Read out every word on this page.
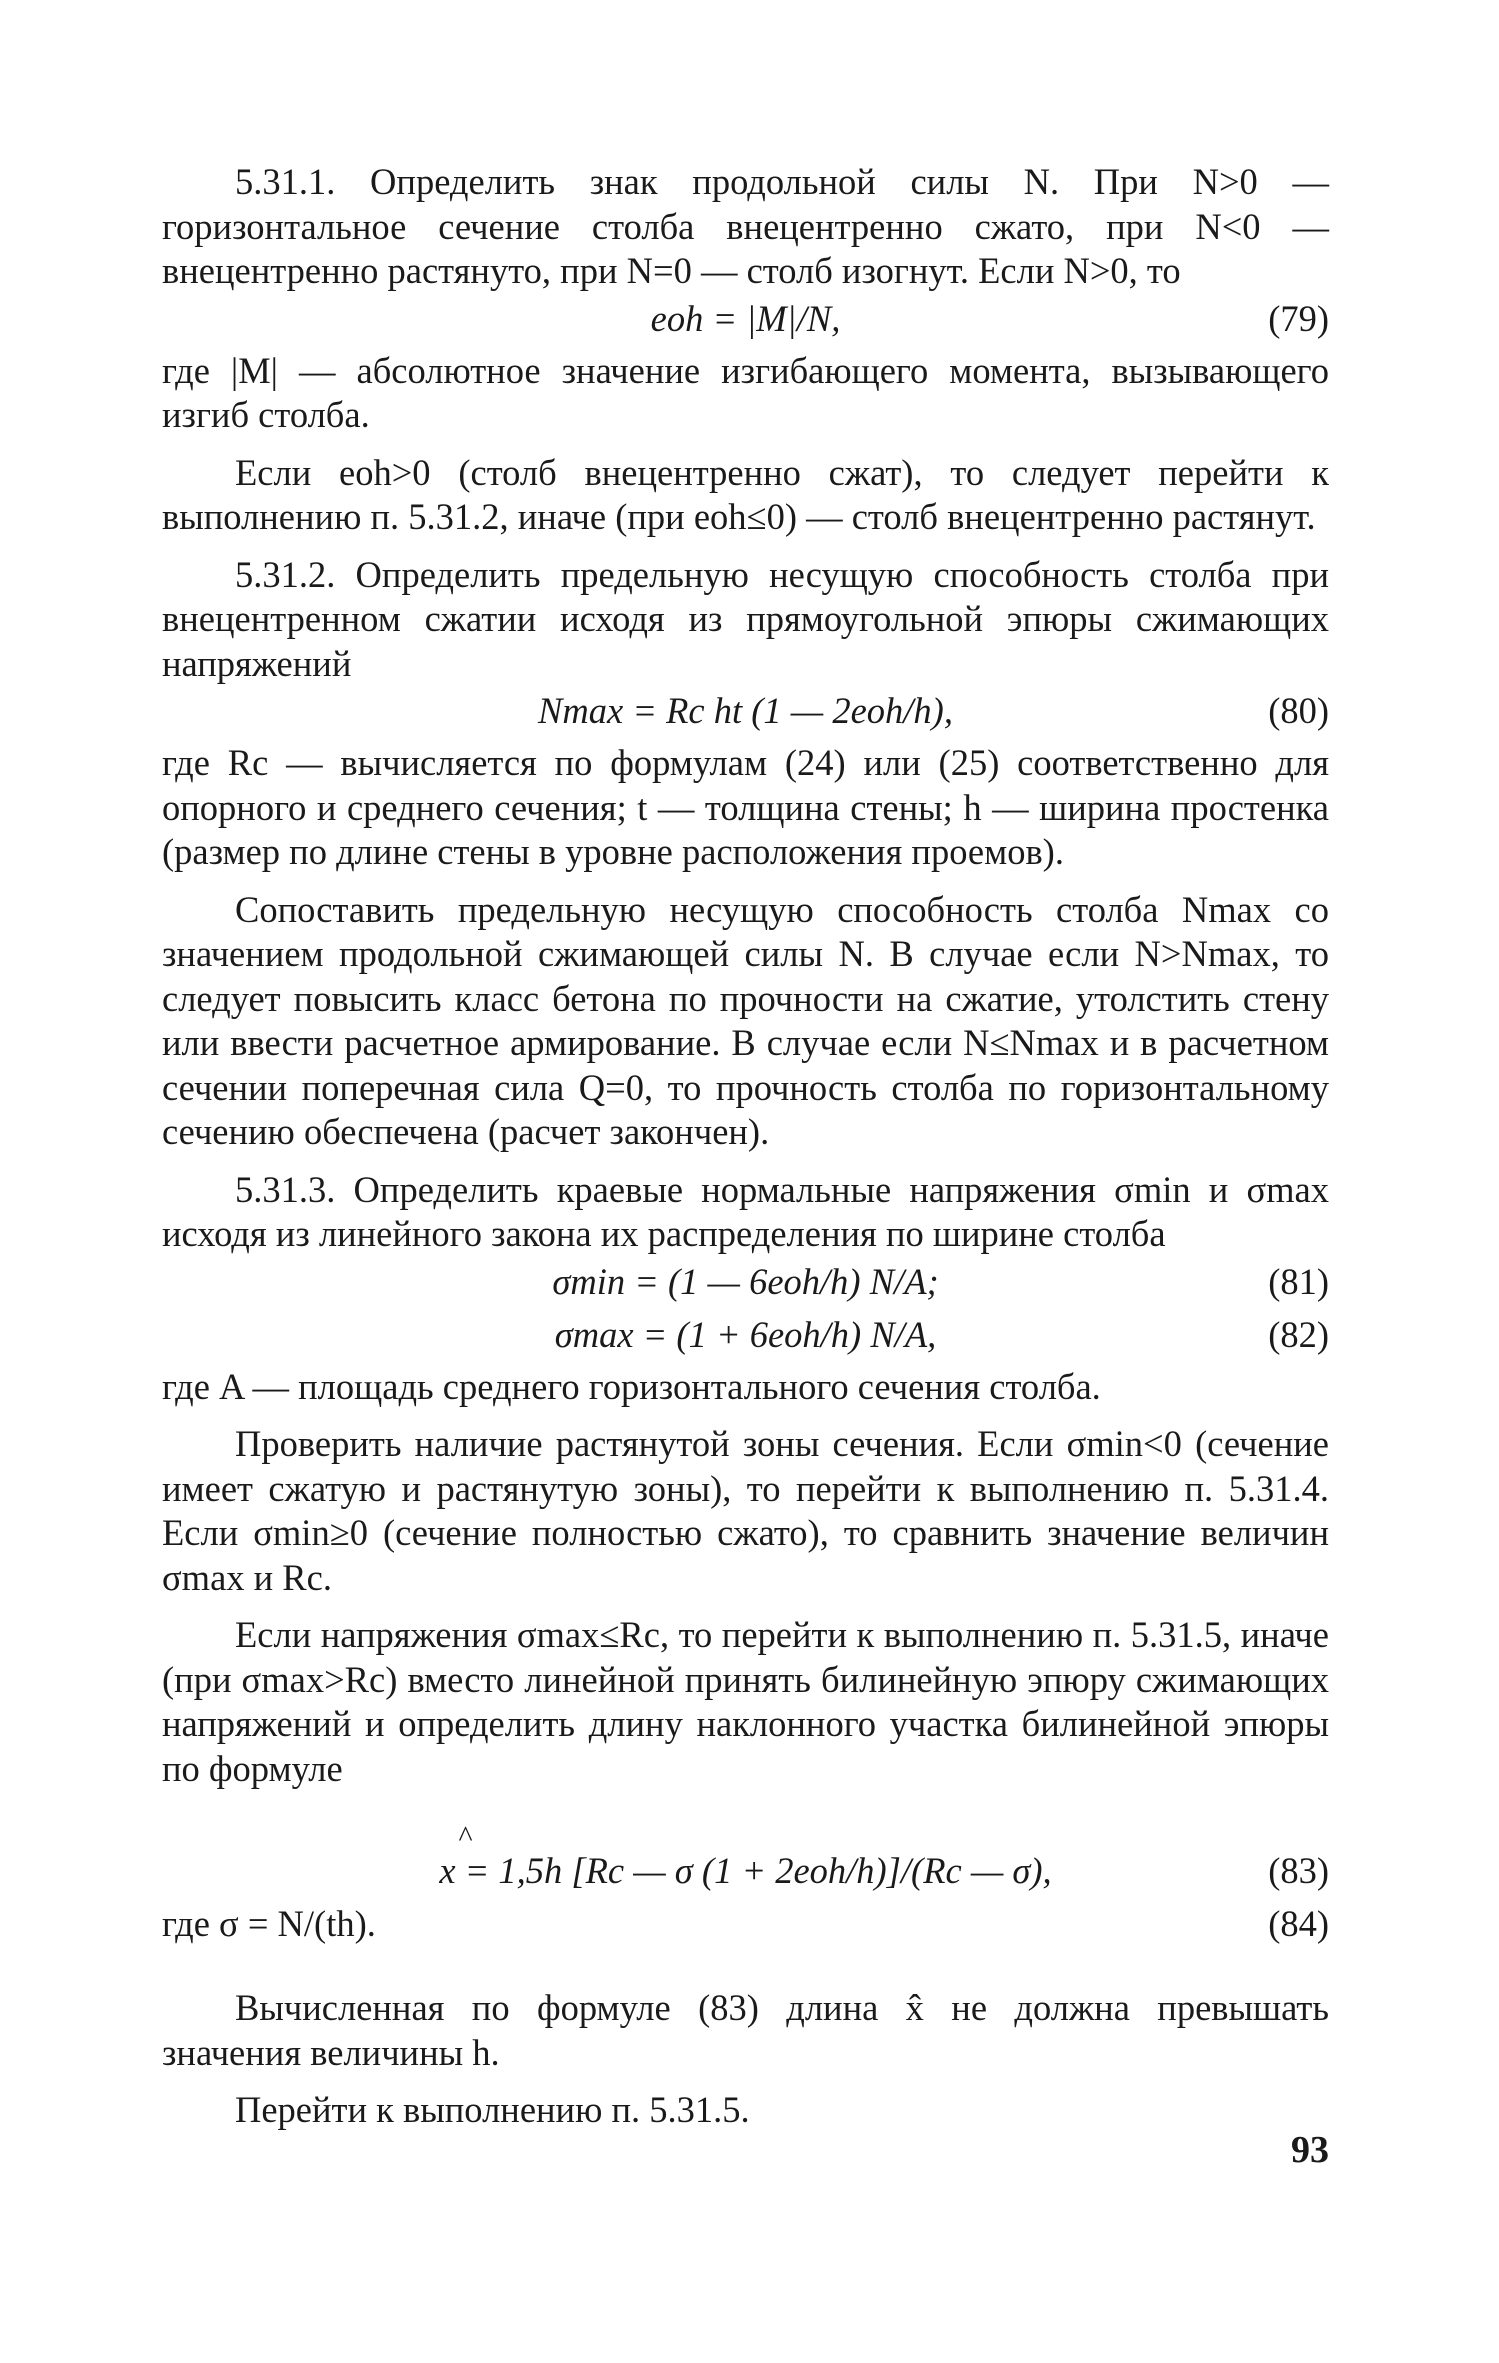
5.31.1. Определить знак продольной силы N. При N>0 — горизонтальное сечение столба внецентренно сжато, при N<0 — внецентренно растянуто, при N=0 — столб изогнут. Если N>0, то

eoh = |M|/N,	(79)

где |M| — абсолютное значение изгибающего момента, вызывающего изгиб столба.

Если eoh>0 (столб внецентренно сжат), то следует перейти к выполнению п. 5.31.2, иначе (при eoh≤0) — столб внецентренно растянут.

5.31.2. Определить предельную несущую способность столба при внецентренном сжатии исходя из прямоугольной эпюры сжимающих напряжений

Nmax = Rc ht (1 — 2eoh/h),	(80)

где Rc — вычисляется по формулам (24) или (25) соответственно для опорного и среднего сечения; t — толщина стены; h — ширина простенка (размер по длине стены в уровне расположения проемов).

Сопоставить предельную несущую способность столба Nmax со значением продольной сжимающей силы N. В случае если N>Nmax, то следует повысить класс бетона по прочности на сжатие, утолстить стену или ввести расчетное армирование. В случае если N≤Nmax и в расчетном сечении поперечная сила Q=0, то прочность столба по горизонтальному сечению обеспечена (расчет закончен).

5.31.3. Определить краевые нормальные напряжения σmin и σmax исходя из линейного закона их распределения по ширине столба

σmin = (1 — 6eoh/h) N/A;	(81)
σmax = (1 + 6eoh/h) N/A,	(82)

где A — площадь среднего горизонтального сечения столба.

Проверить наличие растянутой зоны сечения. Если σmin<0 (сечение имеет сжатую и растянутую зоны), то перейти к выполнению п. 5.31.4. Если σmin≥0 (сечение полностью сжато), то сравнить значение величин σmax и Rc.

Если напряжения σmax≤Rc, то перейти к выполнению п. 5.31.5, иначе (при σmax>Rc) вместо линейной принять билинейную эпюру сжимающих напряжений и определить длину наклонного участка билинейной эпюры по формуле

^
x = 1,5h [Rc — σ (1 + 2eoh/h)]/(Rc — σ),	(83)
где σ = N/(th).	(84)

Вычисленная по формуле (83) длина x̂ не должна превышать значения величины h.

Перейти к выполнению п. 5.31.5.

93
